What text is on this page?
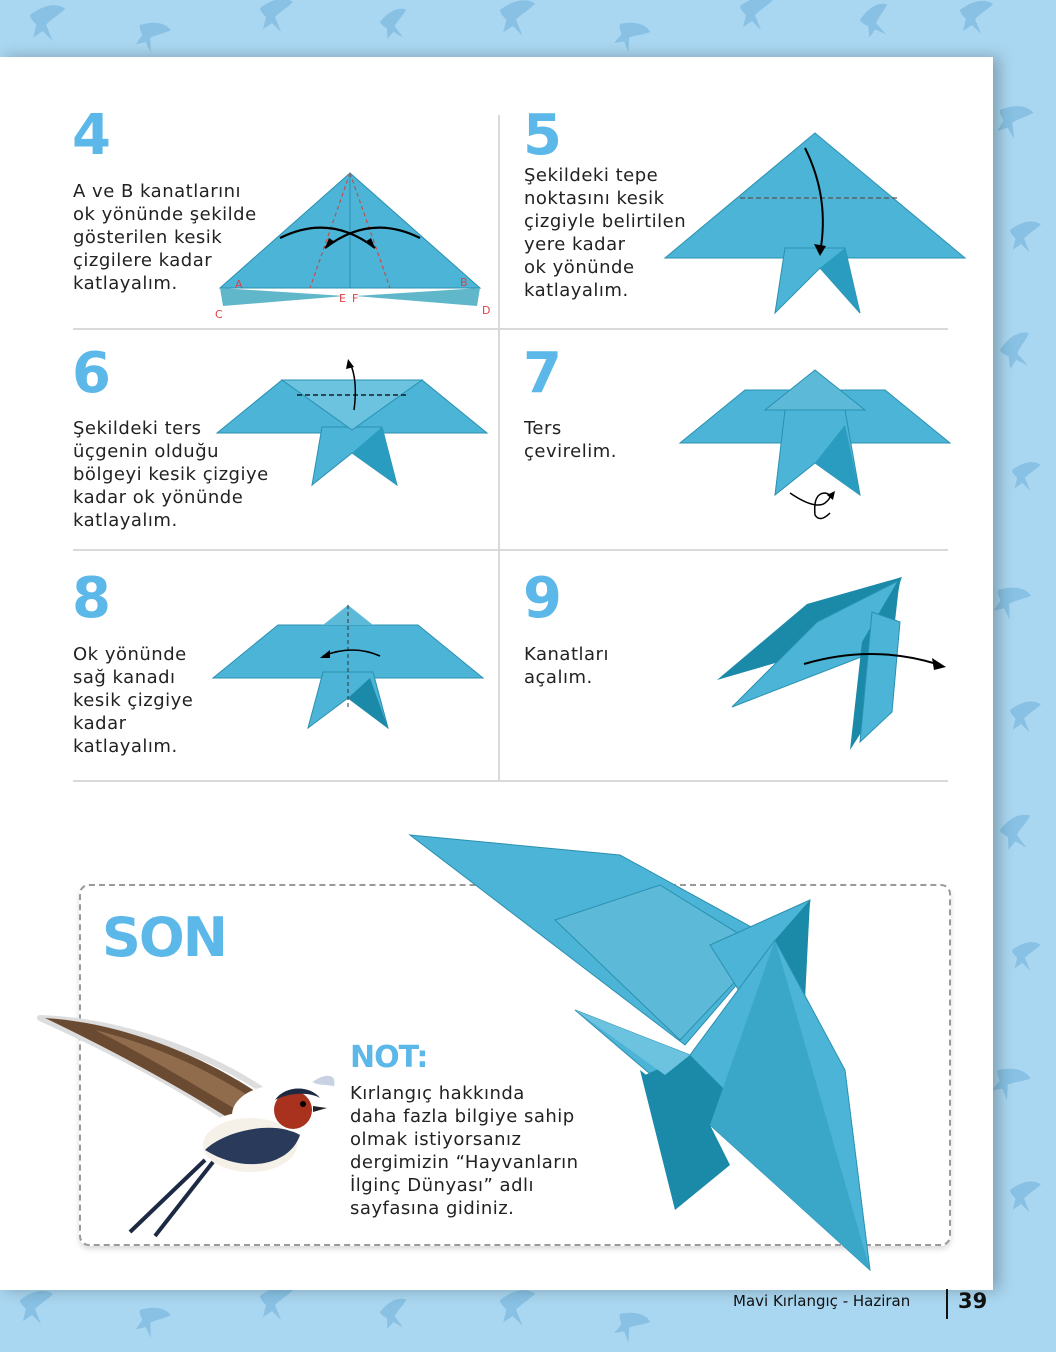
4
A ve B kanatlarını
ok yönünde şekilde
gösterilen kesik
çizgilere kadar
katlayalım.	A	B
C	D
E F
5
Şekildeki tepe
noktasını kesik
çizgiyle belirtilen
yere kadar
ok yönünde
katlayalım.
6
Şekildeki ters
üçgenin olduğu
bölgeyi kesik çizgiye
kadar ok yönünde
katlayalım.
7
Ters
çevirelim.
8
Ok yönünde
sağ kanadı
kesik çizgiye
kadar
katlayalım.
9
Kanatları
açalım.
SON
NOT:
Kırlangıç hakkında
daha fazla bilgiye sahip
olmak istiyorsanız
dergimizin “Hayvanların
İlginç Dünyası” adlı
sayfasına gidiniz.
Mavi Kırlangıç - Haziran 39
